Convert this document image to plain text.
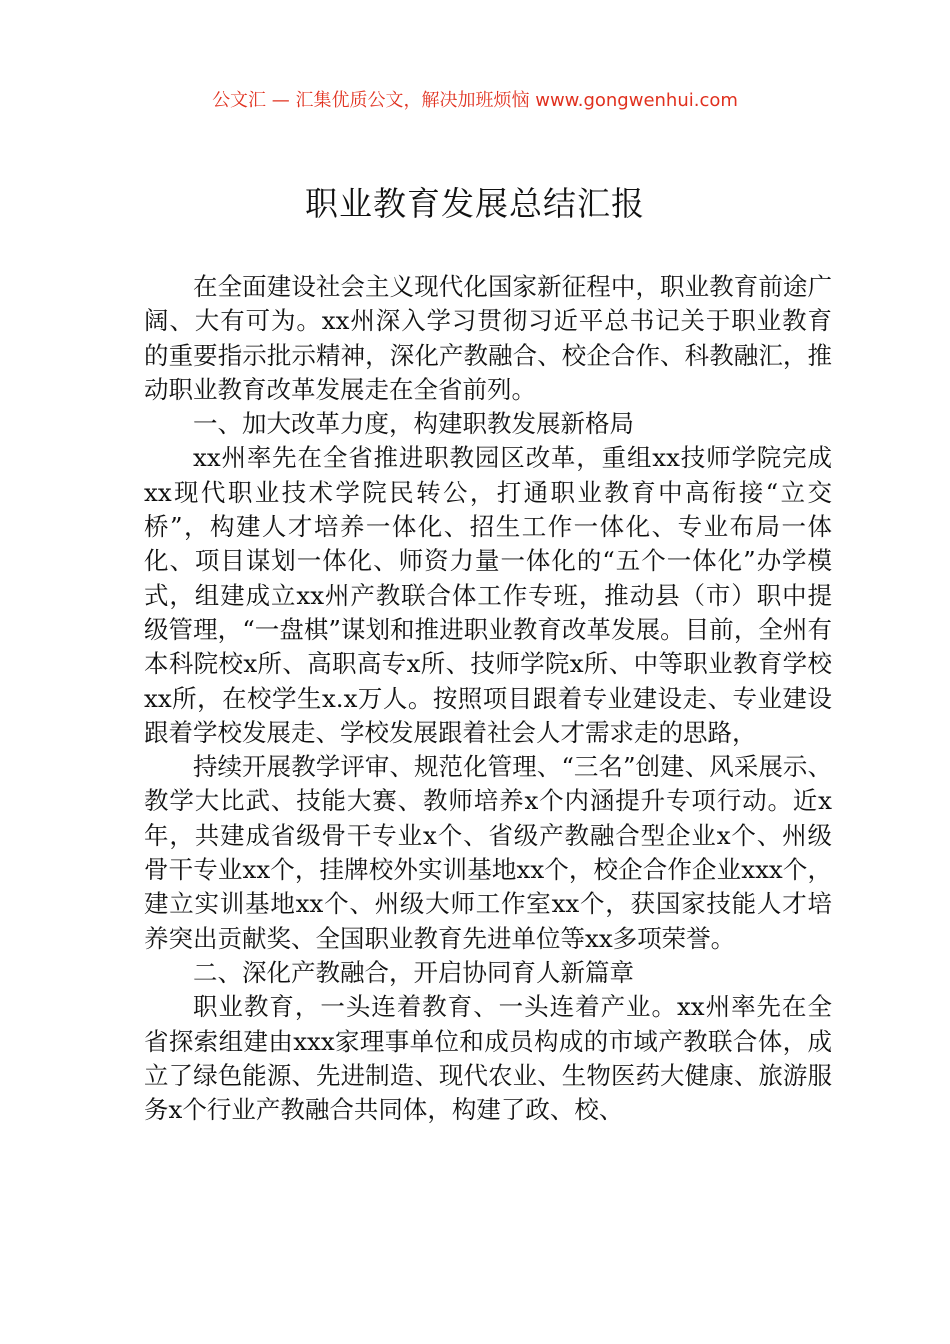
公文汇 — 汇集优质公文，解决加班烦恼 www.gongwenhui.com
职业教育发展总结汇报

在全面建设社会主义现代化国家新征程中，职业教育前途广阔、大有可为。xx州深入学习贯彻习近平总书记关于职业教育的重要指示批示精神，深化产教融合、校企合作、科教融汇，推动职业教育改革发展走在全省前列。

一、加大改革力度，构建职教发展新格局

xx州率先在全省推进职教园区改革，重组xx技师学院完成xx现代职业技术学院民转公，打通职业教育中高衔接“立交桥”，构建人才培养一体化、招生工作一体化、专业布局一体化、项目谋划一体化、师资力量一体化的“五个一体化”办学模式，组建成立xx州产教联合体工作专班，推动县（市）职中提级管理，“一盘棋”谋划和推进职业教育改革发展。目前，全州有本科院校x所、高职高专x所、技师学院x所、中等职业教育学校xx所，在校学生x.x万人。按照项目跟着专业建设走、专业建设跟着学校发展走、学校发展跟着社会人才需求走的思路，

持续开展教学评审、规范化管理、“三名”创建、风采展示、教学大比武、技能大赛、教师培养x个内涵提升专项行动。近x年，共建成省级骨干专业x个、省级产教融合型企业x个、州级骨干专业xx个，挂牌校外实训基地xx个，校企合作企业xxx个，建立实训基地xx个、州级大师工作室xx个，获国家技能人才培养突出贡献奖、全国职业教育先进单位等xx多项荣誉。

二、深化产教融合，开启协同育人新篇章

职业教育，一头连着教育、一头连着产业。xx州率先在全省探索组建由xxx家理事单位和成员构成的市域产教联合体，成立了绿色能源、先进制造、现代农业、生物医药大健康、旅游服务x个行业产教融合共同体，构建了政、校、
